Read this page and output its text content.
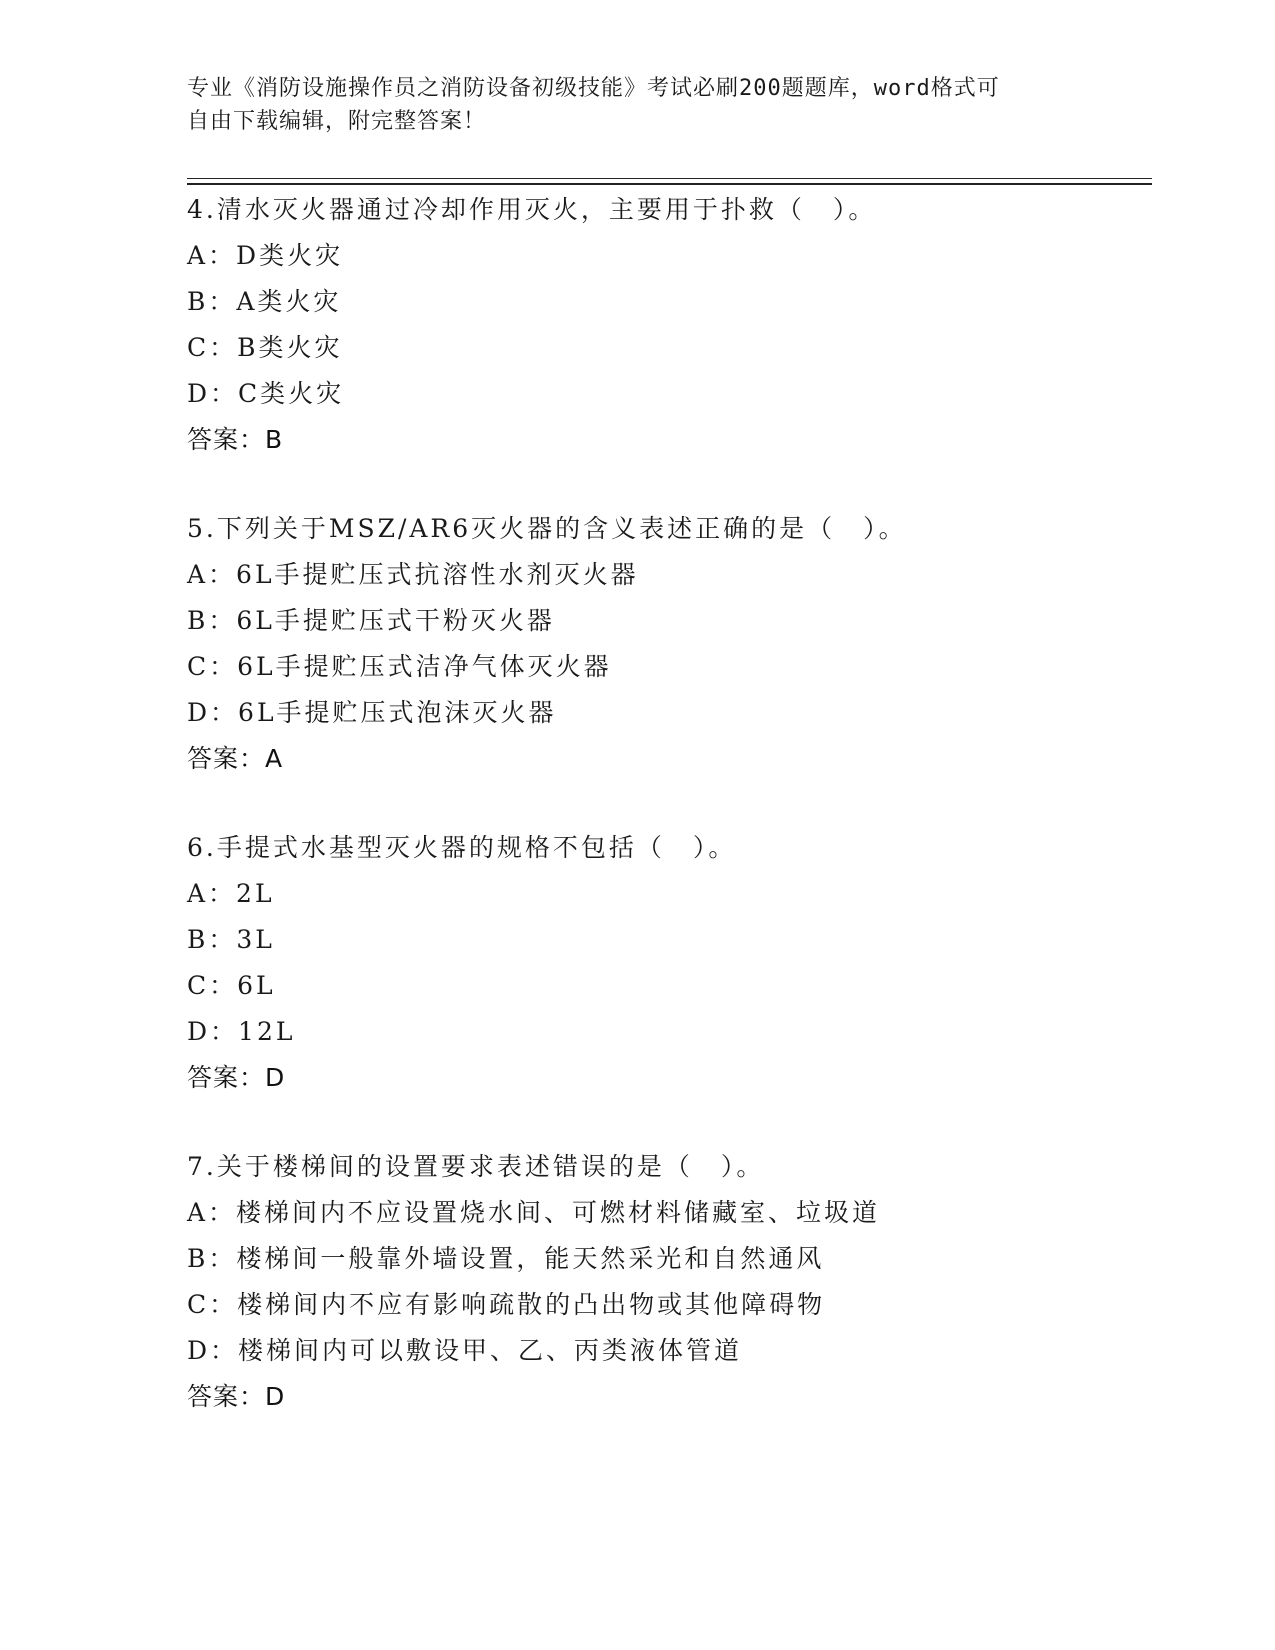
专业《消防设施操作员之消防设备初级技能》考试必刷200题题库，word格式可
自由下载编辑，附完整答案！
4.清水灭火器通过冷却作用灭火，主要用于扑救（　）。
A：D类火灾
B：A类火灾
C：B类火灾
D：C类火灾
答案：B
5.下列关于MSZ/AR6灭火器的含义表述正确的是（　）。
A：6L手提贮压式抗溶性水剂灭火器
B：6L手提贮压式干粉灭火器
C：6L手提贮压式洁净气体灭火器
D：6L手提贮压式泡沫灭火器
答案：A
6.手提式水基型灭火器的规格不包括（　）。
A：2L
B：3L
C：6L
D：12L
答案：D
7.关于楼梯间的设置要求表述错误的是（　）。
A：楼梯间内不应设置烧水间、可燃材料储藏室、垃圾道
B：楼梯间一般靠外墙设置，能天然采光和自然通风
C：楼梯间内不应有影响疏散的凸出物或其他障碍物
D：楼梯间内可以敷设甲、乙、丙类液体管道
答案：D
